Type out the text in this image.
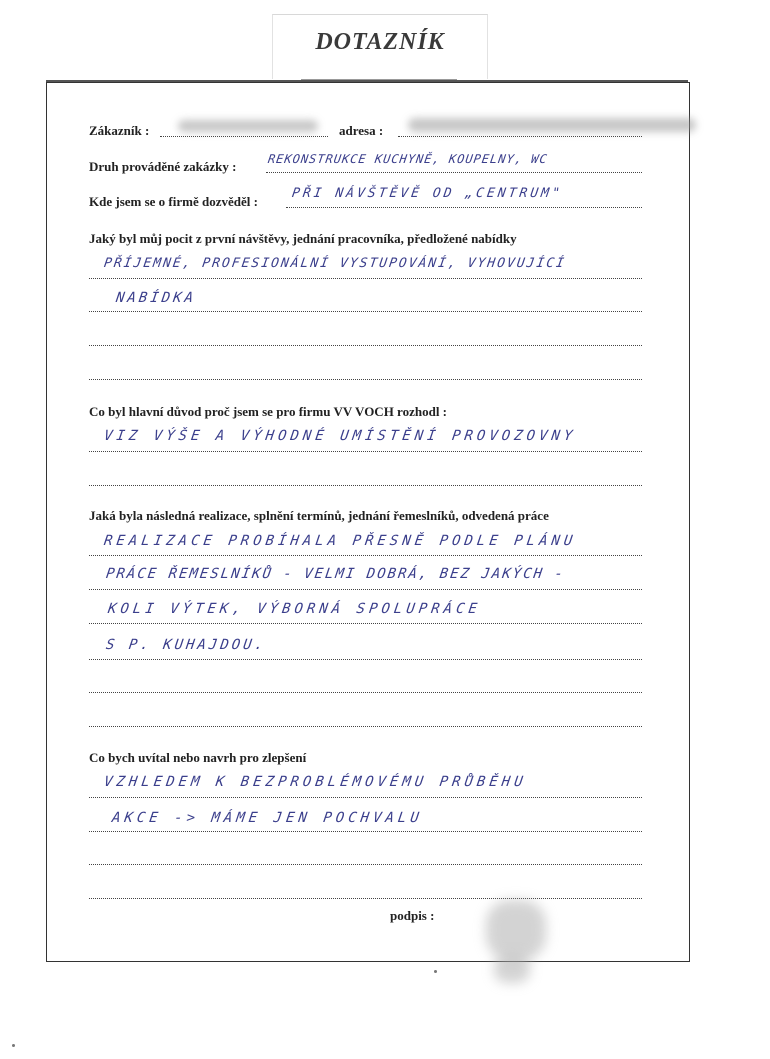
DOTAZNÍK
Zákazník :	adresa :
Druh prováděné zakázky :	REKONSTRUKCE KUCHYNĚ, KOUPELNY, WC
Kde jsem se o firmě dozvěděl :
PŘI NÁVŠTĚVĚ OD „CENTRUM"
Jaký byl můj pocit z první návštěvy, jednání pracovníka, předložené nabídky
PŘÍJEMNÉ, PROFESIONÁLNÍ VYSTUPOVÁNÍ, VYHOVUJÍCÍ
NABÍDKA
Co byl hlavní důvod proč jsem se pro firmu VV VOCH rozhodl :
VIZ VÝŠE A VÝHODNÉ UMÍSTĚNÍ PROVOZOVNY
Jaká byla následná realizace, splnění termínů, jednání řemeslníků, odvedená práce
REALIZACE PROBÍHALA PŘESNĚ PODLE PLÁNU
PRÁCE ŘEMESLNÍKŮ - VELMI DOBRÁ, BEZ JAKÝCH -
KOLI VÝTEK, VÝBORNÁ SPOLUPRÁCE
S P. KUHAJDOU.
Co bych uvítal nebo navrh pro zlepšení
VZHLEDEM K BEZPROBLÉMOVÉMU PRŮBĚHU
AKCE -> MÁME JEN POCHVALU
podpis :
